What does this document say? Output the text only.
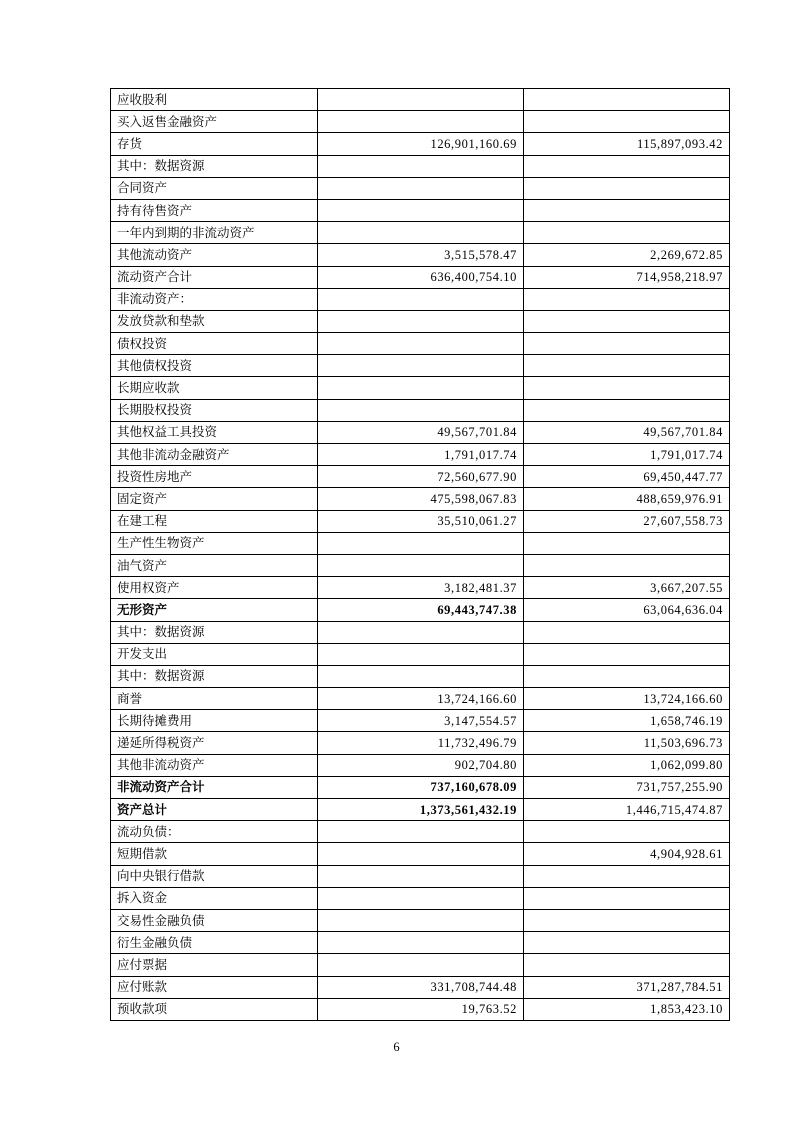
应收股利		
买入返售金融资产		
存货	126,901,160.69	115,897,093.42
其中：数据资源		
合同资产		
持有待售资产		
一年内到期的非流动资产		
其他流动资产	3,515,578.47	2,269,672.85
流动资产合计	636,400,754.10	714,958,218.97
非流动资产：		
发放贷款和垫款		
债权投资		
其他债权投资		
长期应收款		
长期股权投资		
其他权益工具投资	49,567,701.84	49,567,701.84
其他非流动金融资产	1,791,017.74	1,791,017.74
投资性房地产	72,560,677.90	69,450,447.77
固定资产	475,598,067.83	488,659,976.91
在建工程	35,510,061.27	27,607,558.73
生产性生物资产		
油气资产		
使用权资产	3,182,481.37	3,667,207.55
无形资产	69,443,747.38	63,064,636.04
其中：数据资源		
开发支出		
其中：数据资源		
商誉	13,724,166.60	13,724,166.60
长期待摊费用	3,147,554.57	1,658,746.19
递延所得税资产	11,732,496.79	11,503,696.73
其他非流动资产	902,704.80	1,062,099.80
非流动资产合计	737,160,678.09	731,757,255.90
资产总计	1,373,561,432.19	1,446,715,474.87
流动负债：		
短期借款		4,904,928.61
向中央银行借款		
拆入资金		
交易性金融负债		
衍生金融负债		
应付票据		
应付账款	331,708,744.48	371,287,784.51
预收款项	19,763.52	1,853,423.10
6
